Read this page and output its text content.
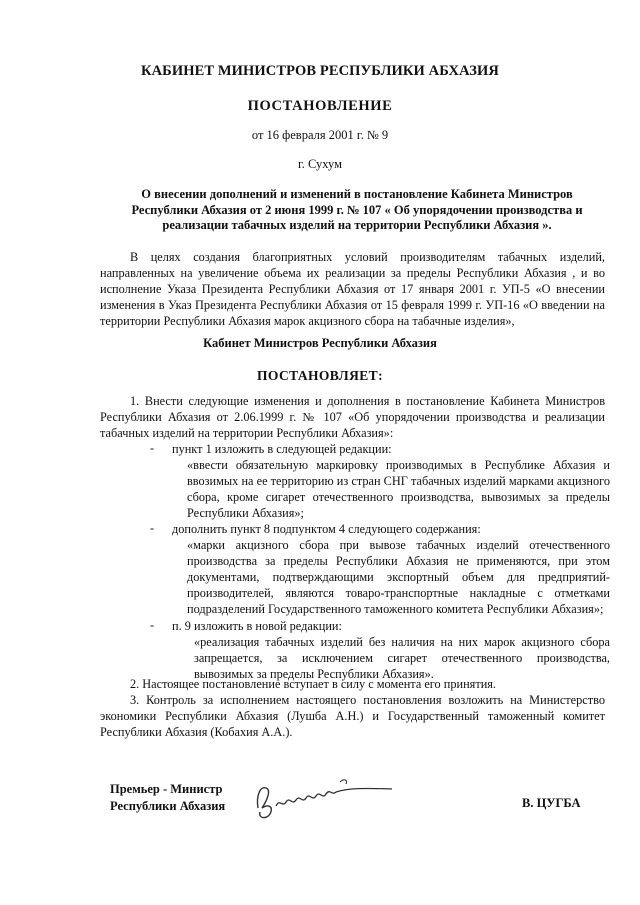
КАБИНЕТ МИНИСТРОВ РЕСПУБЛИКИ АБХАЗИЯ
ПОСТАНОВЛЕНИЕ
от 16 февраля 2001 г. № 9
г. Сухум
О внесении дополнений и изменений в постановление Кабинета Министров Республики Абхазия от 2 июня 1999 г. № 107 « Об упорядочении производства и реализации табачных изделий на территории Республики Абхазия ».
В целях создания благоприятных условий производителям табачных изделий, направленных на увеличение объема их реализации за пределы Республики Абхазия , и во исполнение Указа Президента Республики Абхазия от 17 января 2001 г. УП-5 «О внесении изменения в Указ Президента Республики Абхазия от 15 февраля 1999 г. УП-16 «О введении на территории Республики Абхазия марок акцизного сбора на табачные изделия»,
Кабинет Министров Республики Абхазия
ПОСТАНОВЛЯЕТ:
1. Внести следующие изменения и дополнения в постановление Кабинета Министров Республики Абхазия от 2.06.1999 г. № 107 «Об упорядочении производства и реализации табачных изделий на территории Республики Абхазия»:
- пункт 1 изложить в следующей редакции:
«ввести обязательную маркировку производимых в Республике Абхазия и ввозимых на ее территорию из стран СНГ табачных изделий марками акцизного сбора, кроме сигарет отечественного производства, вывозимых за пределы Республики Абхазия»;
- дополнить пункт 8 подпунктом 4 следующего содержания:
«марки акцизного сбора при вывозе табачных изделий отечественного производства за пределы Республики Абхазия не применяются, при этом документами, подтверждающими экспортный объем для предприятий-производителей, являются товаро-транспортные накладные с отметками подразделений Государственного таможенного комитета Республики Абхазия»;
- п. 9 изложить в новой редакции:
«реализация табачных изделий без наличия на них марок акцизного сбора запрещается, за исключением сигарет отечественного производства, вывозимых за пределы Республики Абхазия».
2. Настоящее постановление вступает в силу с момента его принятия.
3. Контроль за исполнением настоящего постановления возложить на Министерство экономики Республики Абхазия (Лушба А.Н.) и Государственный таможенный комитет Республики Абхазия (Кобахия А.А.).
Премьер - Министр
Республики Абхазия	В. ЦУГБА
